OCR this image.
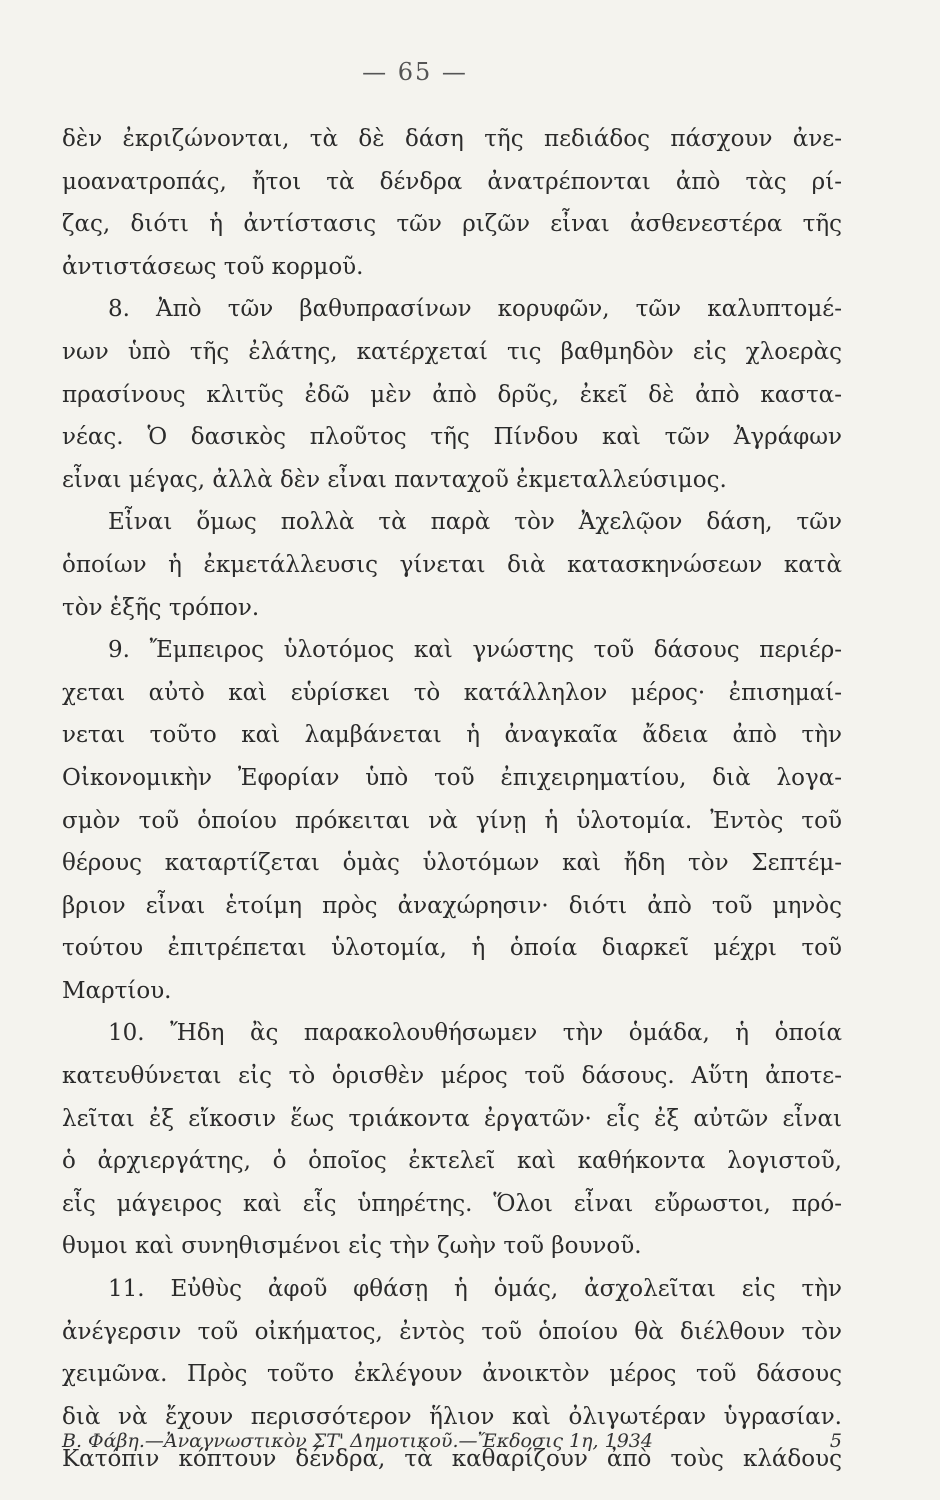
— 65 —
δὲν ἐκριζώνονται, τὰ δὲ δάση τῆς πεδιάδος πάσχουν ἀνε-
μοανατροπάς, ἤτοι τὰ δένδρα ἀνατρέπονται ἀπὸ τὰς ρί-
ζας, διότι ἡ ἀντίστασις τῶν ριζῶν εἶναι ἀσθενεστέρα τῆς
ἀντιστάσεως τοῦ κορμοῦ.
8. Ἀπὸ τῶν βαθυπρασίνων κορυφῶν, τῶν καλυπτομέ-
νων ὑπὸ τῆς ἐλάτης, κατέρχεταί τις βαθμηδὸν εἰς χλοερὰς
πρασίνους κλιτῦς ἐδῶ μὲν ἀπὸ δρῦς, ἐκεῖ δὲ ἀπὸ καστα-
νέας. Ὁ δασικὸς πλοῦτος τῆς Πίνδου καὶ τῶν Ἀγράφων
εἶναι μέγας, ἀλλὰ δὲν εἶναι πανταχοῦ ἐκμεταλλεύσιμος.
Εἶναι ὅμως πολλὰ τὰ παρὰ τὸν Ἀχελῷον δάση, τῶν
ὁποίων ἡ ἐκμετάλλευσις γίνεται διὰ κατασκηνώσεων κατὰ
τὸν ἑξῆς τρόπον.
9. Ἔμπειρος ὑλοτόμος καὶ γνώστης τοῦ δάσους περιέρ-
χεται αὐτὸ καὶ εὑρίσκει τὸ κατάλληλον μέρος· ἐπισημαί-
νεται τοῦτο καὶ λαμβάνεται ἡ ἀναγκαῖα ἄδεια ἀπὸ τὴν
Οἰκονομικὴν Ἐφορίαν ὑπὸ τοῦ ἐπιχειρηματίου, διὰ λογα-
σμὸν τοῦ ὁποίου πρόκειται νὰ γίνῃ ἡ ὑλοτομία. Ἐντὸς τοῦ
θέρους καταρτίζεται ὁμὰς ὑλοτόμων καὶ ἤδη τὸν Σεπτέμ-
βριον εἶναι ἑτοίμη πρὸς ἀναχώρησιν· διότι ἀπὸ τοῦ μηνὸς
τούτου ἐπιτρέπεται ὑλοτομία, ἡ ὁποία διαρκεῖ μέχρι τοῦ
Μαρτίου.
10. Ἤδη ἂς παρακολουθήσωμεν τὴν ὁμάδα, ἡ ὁποία
κατευθύνεται εἰς τὸ ὁρισθὲν μέρος τοῦ δάσους. Αὕτη ἀποτε-
λεῖται ἐξ εἴκοσιν ἕως τριάκοντα ἐργατῶν· εἷς ἐξ αὐτῶν εἶναι
ὁ ἀρχιεργάτης, ὁ ὁποῖος ἐκτελεῖ καὶ καθήκοντα λογιστοῦ,
εἷς μάγειρος καὶ εἷς ὑπηρέτης. Ὅλοι εἶναι εὔρωστοι, πρό-
θυμοι καὶ συνηθισμένοι εἰς τὴν ζωὴν τοῦ βουνοῦ.
11. Εὐθὺς ἀφοῦ φθάσῃ ἡ ὁμάς, ἀσχολεῖται εἰς τὴν
ἀνέγερσιν τοῦ οἰκήματος, ἐντὸς τοῦ ὁποίου θὰ διέλθουν τὸν
χειμῶνα. Πρὸς τοῦτο ἐκλέγουν ἀνοικτὸν μέρος τοῦ δάσους
διὰ νὰ ἔχουν περισσότερον ἥλιον καὶ ὀλιγωτέραν ὑγρασίαν.
Κατόπιν κόπτουν δένδρα, τὰ καθαρίζουν ἀπὸ τοὺς κλάδους
Β. Φάβη.—Ἀναγνωστικὸν ΣΤ' Δημοτικοῦ.—Ἔκδοσις 1η, 1934	5
